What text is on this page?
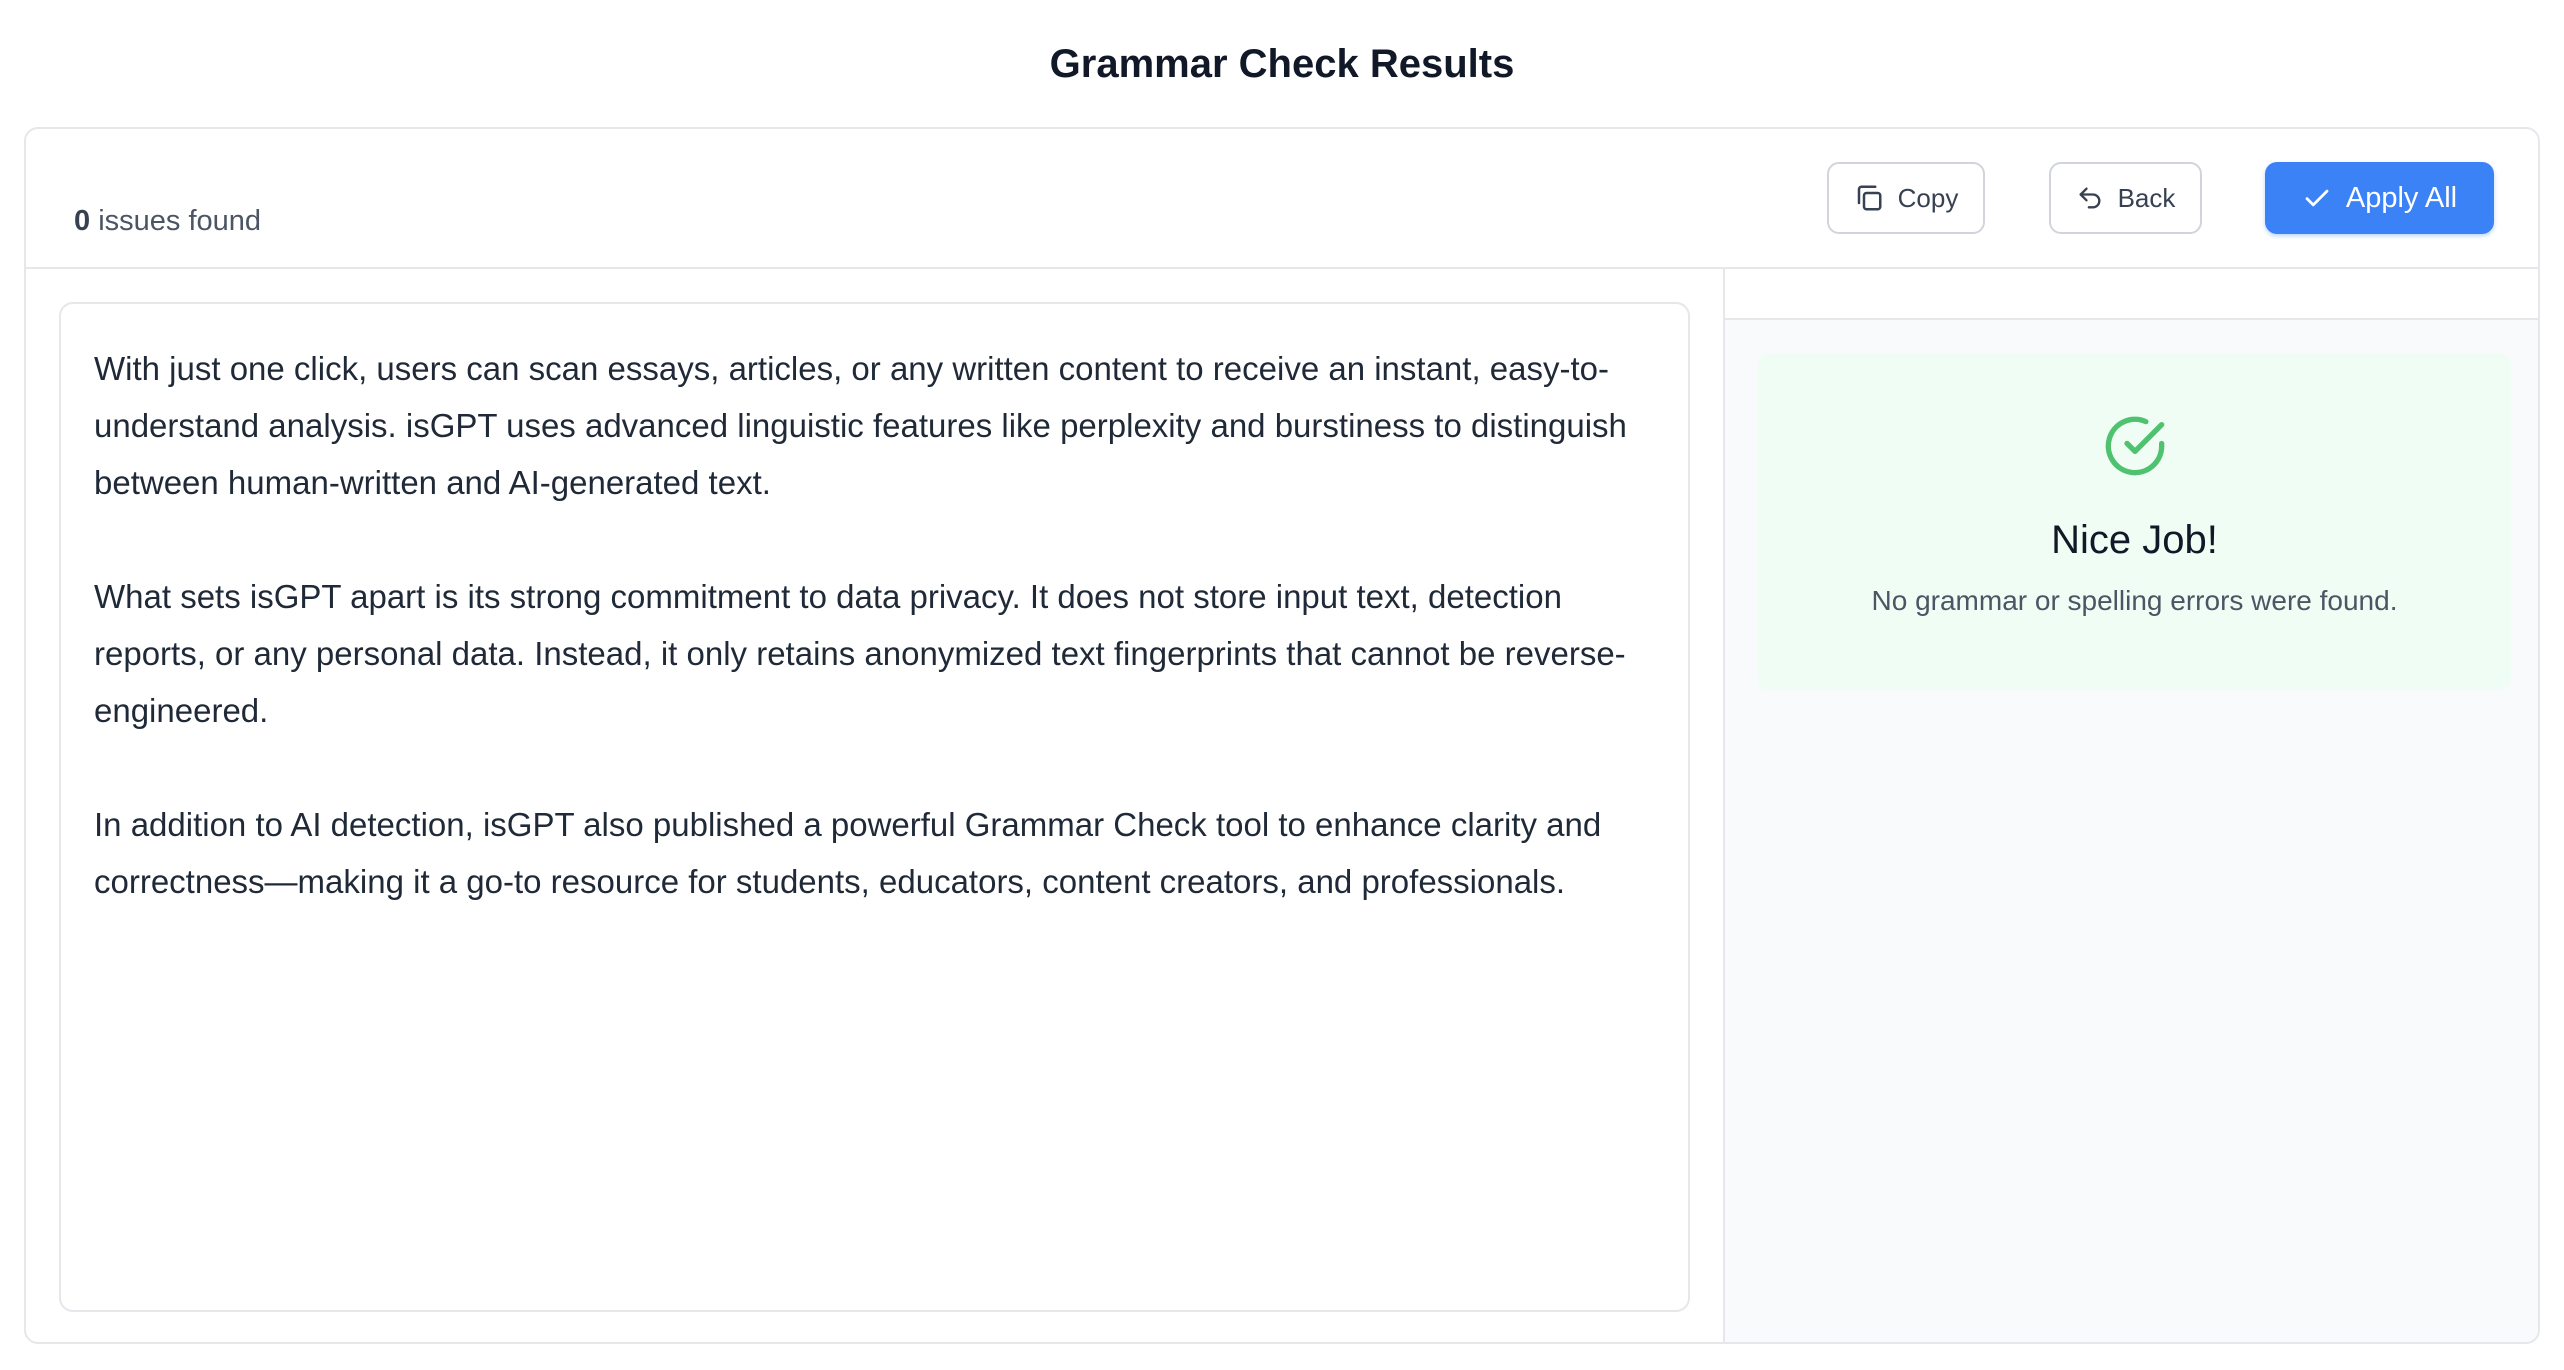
Grammar Check Results
0 issues found
Copy	Back	Apply All

With just one click, users can scan essays, articles, or any written content to receive an instant, easy-to-understand analysis. isGPT uses advanced linguistic features like perplexity and burstiness to distinguish between human-written and AI-generated text.

What sets isGPT apart is its strong commitment to data privacy. It does not store input text, detection reports, or any personal data. Instead, it only retains anonymized text fingerprints that cannot be reverse-engineered.

In addition to AI detection, isGPT also published a powerful Grammar Check tool to enhance clarity and correctness—making it a go-to resource for students, educators, content creators, and professionals.

Nice Job!
No grammar or spelling errors were found.
